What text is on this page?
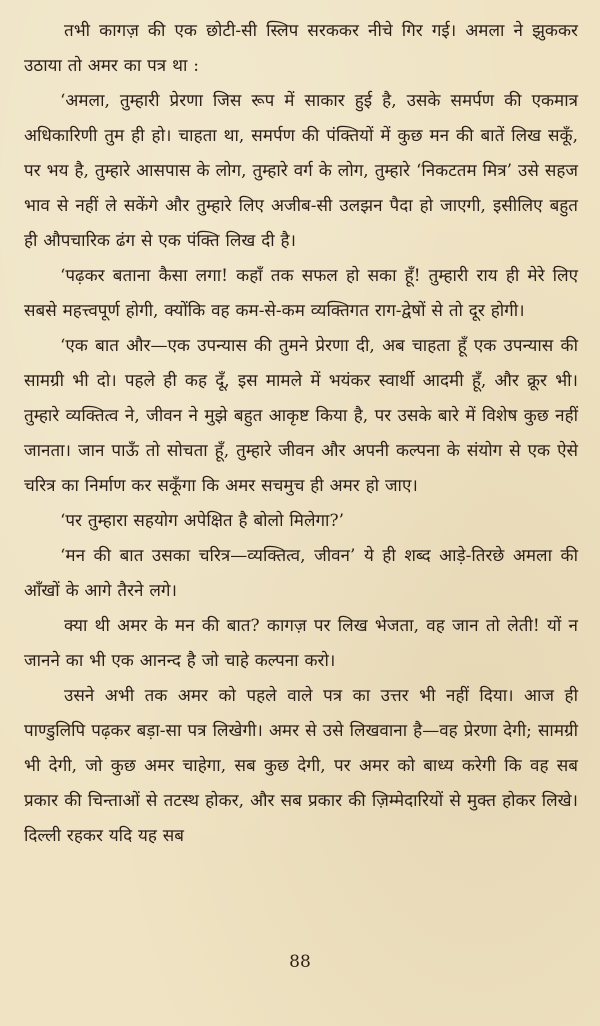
तभी कागज़ की एक छोटी-सी स्लिप सरककर नीचे गिर गई। अमला ने झुककर उठाया तो अमर का पत्र था :

‘अमला, तुम्हारी प्रेरणा जिस रूप में साकार हुई है, उसके समर्पण की एकमात्र अधिकारिणी तुम ही हो। चाहता था, समर्पण की पंक्तियों में कुछ मन की बातें लिख सकूँ, पर भय है, तुम्हारे आसपास के लोग, तुम्हारे वर्ग के लोग, तुम्हारे ‘निकटतम मित्र’ उसे सहज भाव से नहीं ले सकेंगे और तुम्हारे लिए अजीब-सी उलझन पैदा हो जाएगी, इसीलिए बहुत ही औपचारिक ढंग से एक पंक्ति लिख दी है।

‘पढ़कर बताना कैसा लगा! कहाँ तक सफल हो सका हूँ! तुम्हारी राय ही मेरे लिए सबसे महत्त्वपूर्ण होगी, क्योंकि वह कम-से-कम व्यक्तिगत राग-द्वेषों से तो दूर होगी।

‘एक बात और—एक उपन्यास की तुमने प्रेरणा दी, अब चाहता हूँ एक उपन्यास की सामग्री भी दो। पहले ही कह दूँ, इस मामले में भयंकर स्वार्थी आदमी हूँ, और क्रूर भी। तुम्हारे व्यक्तित्व ने, जीवन ने मुझे बहुत आकृष्ट किया है, पर उसके बारे में विशेष कुछ नहीं जानता। जान पाऊँ तो सोचता हूँ, तुम्हारे जीवन और अपनी कल्पना के संयोग से एक ऐसे चरित्र का निर्माण कर सकूँगा कि अमर सचमुच ही अमर हो जाए।

‘पर तुम्हारा सहयोग अपेक्षित है बोलो मिलेगा?’

‘मन की बात उसका चरित्र—व्यक्तित्व, जीवन’ ये ही शब्द आड़े-तिरछे अमला की आँखों के आगे तैरने लगे।

क्या थी अमर के मन की बात? कागज़ पर लिख भेजता, वह जान तो लेती! यों न जानने का भी एक आनन्द है जो चाहे कल्पना करो।

उसने अभी तक अमर को पहले वाले पत्र का उत्तर भी नहीं दिया। आज ही पाण्डुलिपि पढ़कर बड़ा-सा पत्र लिखेगी। अमर से उसे लिखवाना है—वह प्रेरणा देगी; सामग्री भी देगी, जो कुछ अमर चाहेगा, सब कुछ देगी, पर अमर को बाध्य करेगी कि वह सब प्रकार की चिन्ताओं से तटस्थ होकर, और सब प्रकार की ज़िम्मेदारियों से मुक्त होकर लिखे। दिल्ली रहकर यदि यह सब

88
